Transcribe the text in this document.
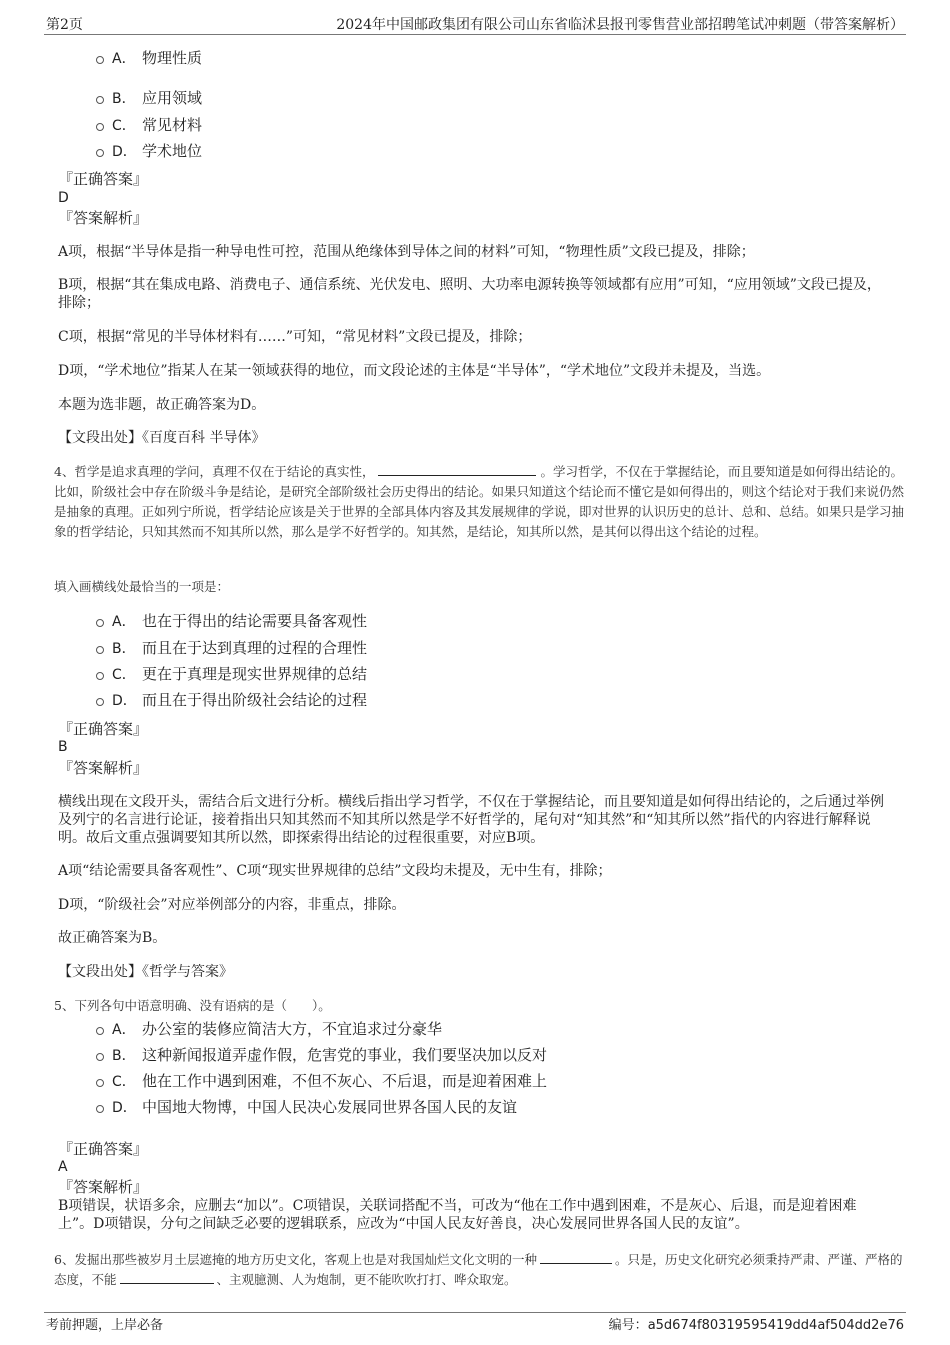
第2页	2024年中国邮政集团有限公司山东省临沭县报刊零售营业部招聘笔试冲刺题（带答案解析）
A． 物理性质
B． 应用领域
C． 常见材料
D． 学术地位
『正确答案』
D
『答案解析』
A项，根据“半导体是指一种导电性可控，范围从绝缘体到导体之间的材料”可知，“物理性质”文段已提及，排除；
B项，根据“其在集成电路、消费电子、通信系统、光伏发电、照明、大功率电源转换等领域都有应用”可知，“应用领域”文段已提及，排除；
C项，根据“常见的半导体材料有……”可知，“常见材料”文段已提及，排除；
D项，“学术地位”指某人在某一领域获得的地位，而文段论述的主体是“半导体”，“学术地位”文段并未提及，当选。
本题为选非题，故正确答案为D。
【文段出处】《百度百科 半导体》
4、哲学是追求真理的学问，真理不仅在于结论的真实性，	。学习哲学，不仅在于掌握结论，而且要知道是如何得出结论的。比如，阶级社会中存在阶级斗争是结论，是研究全部阶级社会历史得出的结论。如果只知道这个结论而不懂它是如何得出的，则这个结论对于我们来说仍然是抽象的真理。正如列宁所说，哲学结论应该是关于世界的全部具体内容及其发展规律的学说，即对世界的认识历史的总计、总和、总结。如果只是学习抽象的哲学结论，只知其然而不知其所以然，那么是学不好哲学的。知其然，是结论，知其所以然，是其何以得出这个结论的过程。
填入画横线处最恰当的一项是：
A． 也在于得出的结论需要具备客观性
B． 而且在于达到真理的过程的合理性
C． 更在于真理是现实世界规律的总结
D． 而且在于得出阶级社会结论的过程
『正确答案』
B
『答案解析』
横线出现在文段开头，需结合后文进行分析。横线后指出学习哲学，不仅在于掌握结论，而且要知道是如何得出结论的，之后通过举例及列宁的名言进行论证，接着指出只知其然而不知其所以然是学不好哲学的，尾句对“知其然”和“知其所以然”指代的内容进行解释说明。故后文重点强调要知其所以然，即探索得出结论的过程很重要，对应B项。
A项“结论需要具备客观性”、C项“现实世界规律的总结”文段均未提及，无中生有，排除；
D项，“阶级社会”对应举例部分的内容，非重点，排除。
故正确答案为B。
【文段出处】《哲学与答案》
5、下列各句中语意明确、没有语病的是（　　）。
A． 办公室的装修应简洁大方，不宜追求过分豪华
B． 这种新闻报道弄虚作假，危害党的事业，我们要坚决加以反对
C． 他在工作中遇到困难，不但不灰心、不后退，而是迎着困难上
D． 中国地大物博，中国人民决心发展同世界各国人民的友谊
『正确答案』
A
『答案解析』
B项错误，状语多余，应删去“加以”。C项错误，关联词搭配不当，可改为“他在工作中遇到困难，不是灰心、后退，而是迎着困难上”。D项错误，分句之间缺乏必要的逻辑联系，应改为“中国人民友好善良，决心发展同世界各国人民的友谊”。
6、发掘出那些被岁月土层遮掩的地方历史文化，客观上也是对我国灿烂文化文明的一种	。只是，历史文化研究必须秉持严肃、严谨、严格的态度，不能	、主观臆测、人为炮制，更不能吹吹打打、哗众取宠。
考前押题，上岸必备	编号：a5d674f80319595419dd4af504dd2e76
